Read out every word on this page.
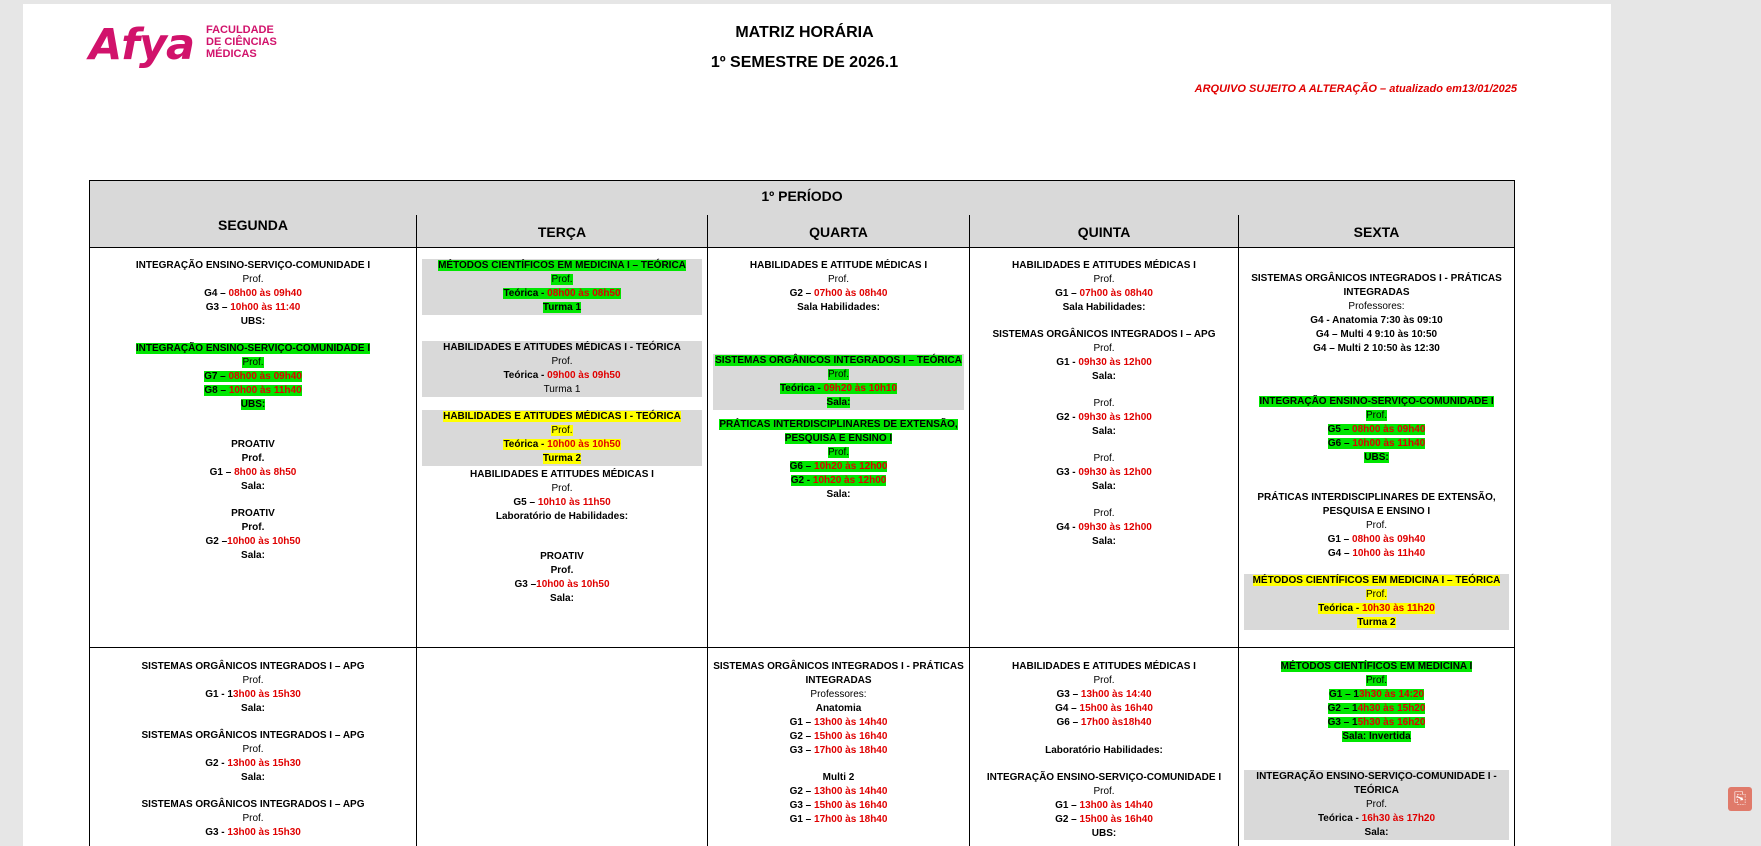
Afya FACULDADE
DE CIÊNCIAS
MÉDICAS
MATRIZ HORÁRIA
1º SEMESTRE DE 2026.1
ARQUIVO SUJEITO A ALTERAÇÃO – atualizado em13/01/2025
1º PERÍODO
SEGUNDA
INTEGRAÇÃO ENSINO-SERVIÇO-COMUNIDADE I
Prof.
G4 – 08h00 às 09h40
G3 – 10h00 às 11:40
UBS:
INTEGRAÇÃO ENSINO-SERVIÇO-COMUNIDADE I
Prof.
G7 – 08h00 às 09h40
G8 – 10h00 às 11h40
UBS:
PROATIV
Prof.
G1 – 8h00 às 8h50
Sala:
PROATIV
Prof.
G2 –10h00 às 10h50
Sala:
SISTEMAS ORGÂNICOS INTEGRADOS I – APG
Prof.
G1 - 13h00 às 15h30
Sala:
SISTEMAS ORGÂNICOS INTEGRADOS I – APG
Prof.
G2 - 13h00 às 15h30
Sala:
SISTEMAS ORGÂNICOS INTEGRADOS I – APG
Prof.
G3 - 13h00 às 15h30
TERÇA
MÉTODOS CIENTÍFICOS EM MEDICINA I – TEÓRICA
Prof.
Teórica - 08h00 às 08h50
Turma 1
HABILIDADES E ATITUDES MÉDICAS I - TEÓRICA
Prof.
Teórica - 09h00 às 09h50
Turma 1
HABILIDADES E ATITUDES MÉDICAS I - TEÓRICA
Prof.
Teórica - 10h00 às 10h50
Turma 2
HABILIDADES E ATITUDES MÉDICAS I
Prof.
G5 – 10h10 às 11h50
Laboratório de Habilidades:
PROATIV
Prof.
G3 –10h00 às 10h50
Sala:
QUARTA
HABILIDADES E ATITUDE MÉDICAS I
Prof.
G2 – 07h00 às 08h40
Sala Habilidades:
SISTEMAS ORGÂNICOS INTEGRADOS I – TEÓRICA
Prof.
Teórica - 09h20 às 10h10
Sala:
PRÁTICAS INTERDISCIPLINARES DE EXTENSÃO,
PESQUISA E ENSINO I
Prof.
G6 – 10h20 às 12h00
G2 - 10h20 às 12h00
Sala:
SISTEMAS ORGÂNICOS INTEGRADOS I - PRÁTICAS
INTEGRADAS
Professores:
Anatomia
G1 – 13h00 às 14h40
G2 – 15h00 às 16h40
G3 – 17h00 às 18h40
Multi 2
G2 – 13h00 às 14h40
G3 – 15h00 às 16h40
G1 – 17h00 às 18h40
QUINTA
HABILIDADES E ATITUDES MÉDICAS I
Prof.
G1 – 07h00 às 08h40
Sala Habilidades:
SISTEMAS ORGÂNICOS INTEGRADOS I – APG
Prof.
G1 - 09h30 às 12h00
Sala:
Prof.
G2 - 09h30 às 12h00
Sala:
Prof.
G3 - 09h30 às 12h00
Sala:
Prof.
G4 - 09h30 às 12h00
Sala:
HABILIDADES E ATITUDES MÉDICAS I
Prof.
G3 – 13h00 às 14:40
G4 – 15h00 às 16h40
G6 – 17h00 às18h40

Laboratório Habilidades:
INTEGRAÇÃO ENSINO-SERVIÇO-COMUNIDADE I
Prof.
G1 – 13h00 às 14h40
G2 – 15h00 às 16h40
UBS:
SEXTA
SISTEMAS ORGÂNICOS INTEGRADOS I - PRÁTICAS
INTEGRADAS
Professores:
G4 - Anatomia 7:30 às 09:10
G4 – Multi 4 9:10 às 10:50
G4 – Multi 2 10:50 às 12:30
INTEGRAÇÃO ENSINO-SERVIÇO-COMUNIDADE I
Prof.
G5 – 08h00 às 09h40
G6 – 10h00 às 11h40
UBS:
PRÁTICAS INTERDISCIPLINARES DE EXTENSÃO,
PESQUISA E ENSINO I
Prof.
G1 – 08h00 às 09h40
G4 – 10h00 às 11h40
MÉTODOS CIENTÍFICOS EM MEDICINA I – TEÓRICA
Prof.
Teórica - 10h30 às 11h20
Turma 2
MÉTODOS CIENTÍFICOS EM MEDICINA I
Prof.
G1 – 13h30 às 14:20
G2 – 14h30 às 15h20
G3 – 15h30 às 16h20
Sala: Invertida
INTEGRAÇÃO ENSINO-SERVIÇO-COMUNIDADE I - TEÓRICA
Prof.
Teórica - 16h30 às 17h20
Sala:
⎘
